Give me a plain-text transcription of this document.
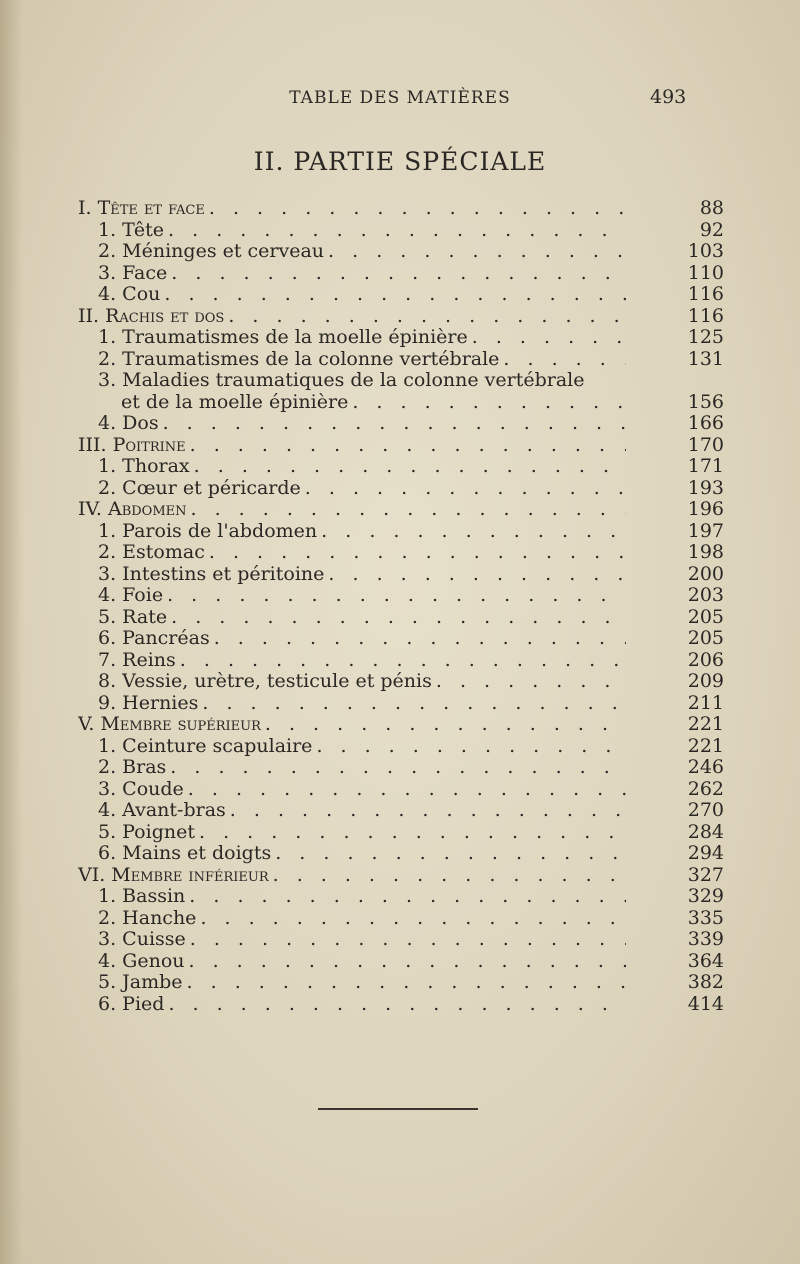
TABLE DES MATIÈRES	493
II. PARTIE SPÉCIALE
I. Tête et face . . .	88
1. Tête . . .	92
2. Méninges et cerveau . . .	103
3. Face . . .	110
4. Cou . . .	116
II. Rachis et dos . . .	116
1. Traumatismes de la moelle épinière . . .	125
2. Traumatismes de la colonne vertébrale . . .	131
3. Maladies traumatiques de la colonne vertébrale
et de la moelle épinière . . .	156
4. Dos . . .	166
III. Poitrine . . .	170
1. Thorax . . .	171
2. Cœur et péricarde . . .	193
IV. Abdomen . . .	196
1. Parois de l'abdomen . . .	197
2. Estomac . . .	198
3. Intestins et péritoine . . .	200
4. Foie . . .	203
5. Rate . . .	205
6. Pancréas . . .	205
7. Reins . . .	206
8. Vessie, urètre, testicule et pénis . . .	209
9. Hernies . . .	211
V. Membre supérieur . . .	221
1. Ceinture scapulaire . . .	221
2. Bras . . .	246
3. Coude . . .	262
4. Avant-bras . . .	270
5. Poignet . . .	284
6. Mains et doigts . . .	294
VI. Membre inférieur . . .	327
1. Bassin . . .	329
2. Hanche . . .	335
3. Cuisse . . .	339
4. Genou . . .	364
5. Jambe . . .	382
6. Pied . . .	414
